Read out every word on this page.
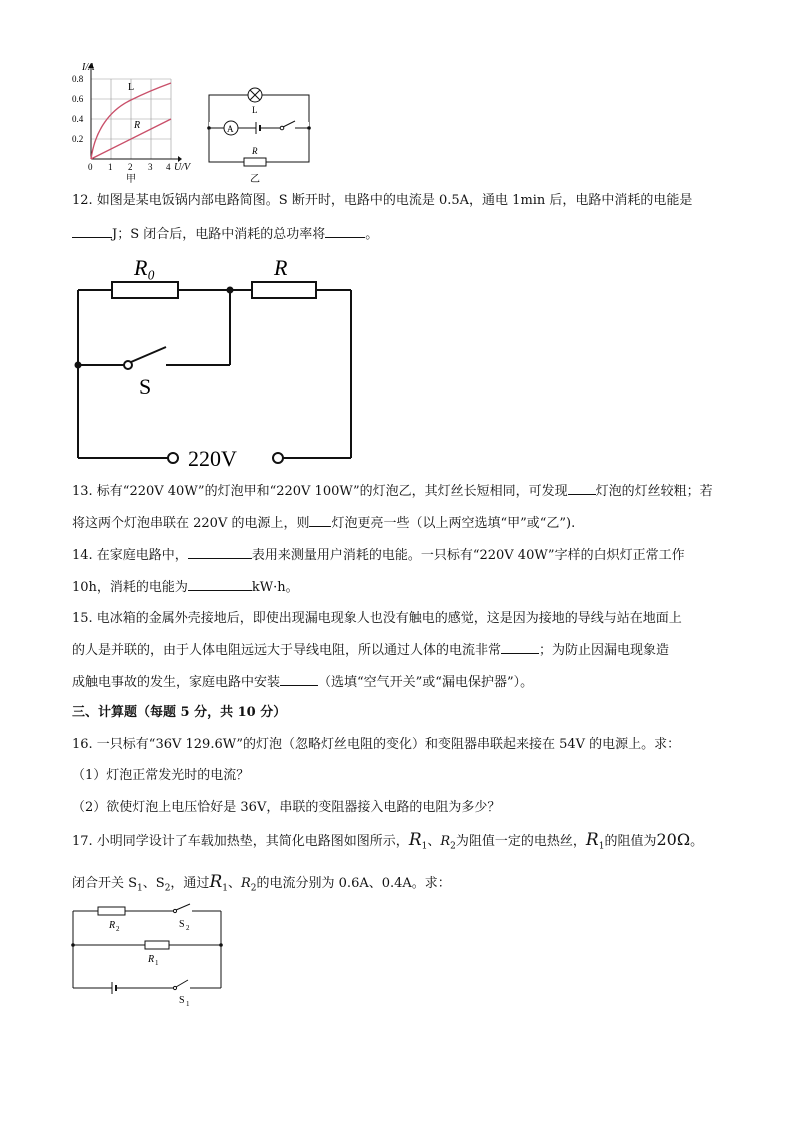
I/A
0.8
0.6
0.4
0.2
0 1 2 3 4 U/V
L
R
甲
L
A
R
乙
12. 如图是某电饭锅内部电路简图。S 断开时，电路中的电流是 0.5A，通电 1min 后，电路中消耗的电能是
J；S 闭合后，电路中消耗的总功率将	。
R₀	R
S
220V
13. 标有“220V 40W”的灯泡甲和“220V 100W”的灯泡乙，其灯丝长短相同，可发现 灯泡的灯丝较粗；若
将这两个灯泡串联在 220V 的电源上，则 灯泡更亮一些（以上两空选填“甲”或“乙”).
14. 在家庭电路中，	表用来测量用户消耗的电能。一只标有“220V 40W”字样的白炽灯正常工作
10h，消耗的电能为	kW·h。
15. 电冰箱的金属外壳接地后，即使出现漏电现象人也没有触电的感觉，这是因为接地的导线与站在地面上
的人是并联的，由于人体电阻远远大于导线电阻，所以通过人体的电流非常	；为防止因漏电现象造
成触电事故的发生，家庭电路中安装	（选填“空气开关”或“漏电保护器”）。
三、计算题（每题 5 分，共 10 分）
16. 一只标有“36V 129.6W”的灯泡（忽略灯丝电阻的变化）和变阻器串联起来接在 54V 的电源上。求：
（1）灯泡正常发光时的电流？
（2）欲使灯泡上电压恰好是 36V，串联的变阻器接入电路的电阻为多少？
17. 小明同学设计了车载加热垫，其简化电路图如图所示，$R_1$、$R_2$为阻值一定的电热丝，$R_1$的阻值为20Ω。
闭合开关 $S_1$、$S_2$，通过$R_1$、$R_2$的电流分别为 0.6A、0.4A。求：
R 2
R 1
S 2
S 1
